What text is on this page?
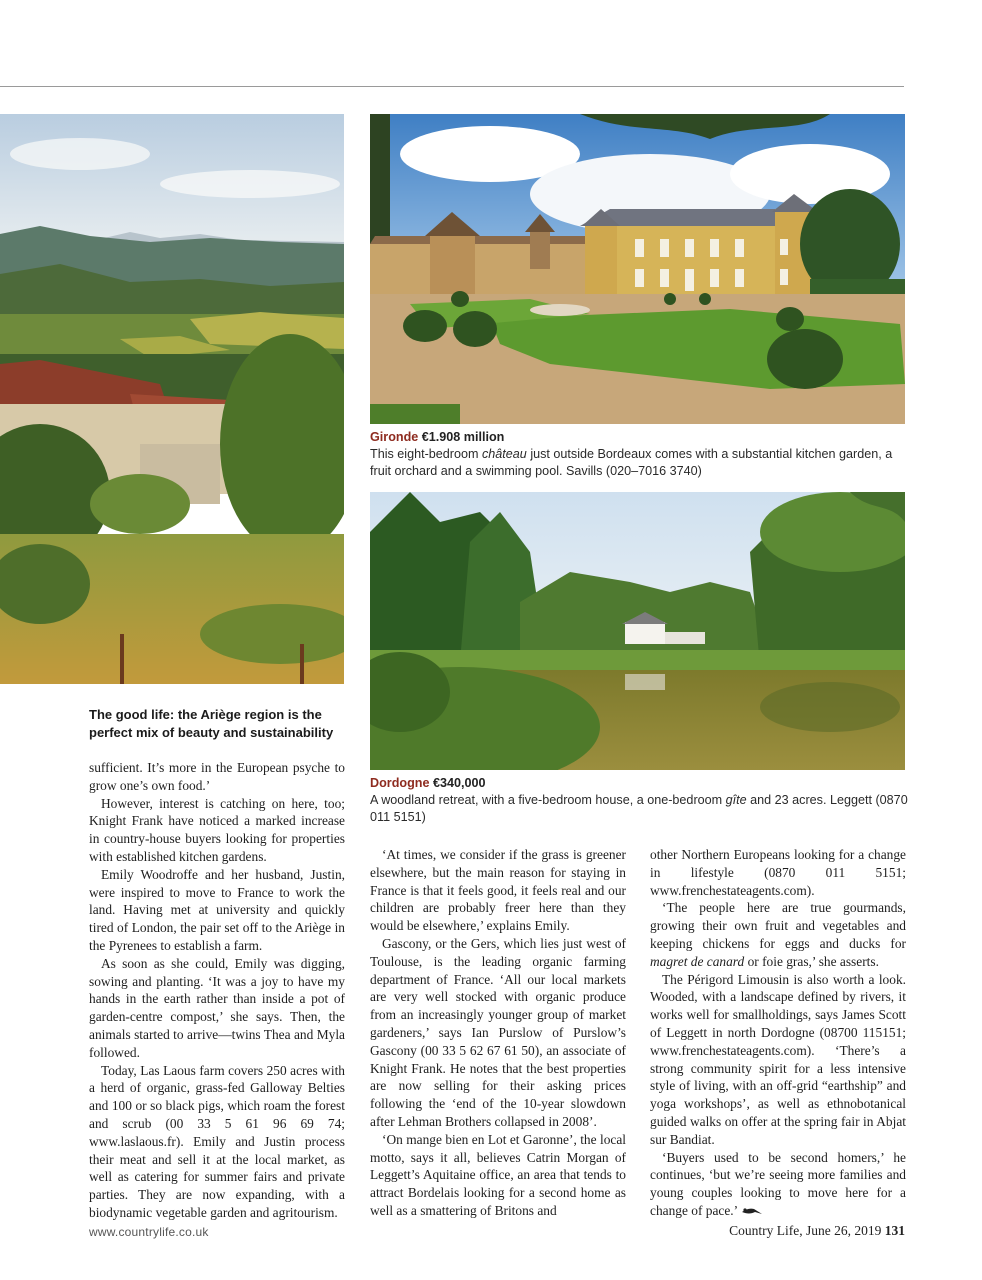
Gironde €1.908 million
This eight-bedroom château just outside Bordeaux comes with a substantial kitchen garden, a fruit orchard and a swimming pool. Savills (020–7016 3740)
Dordogne €340,000
A woodland retreat, with a five-bedroom house, a one-bedroom gîte and 23 acres. Leggett (0870 011 5151)
The good life: the Ariège region is the perfect mix of beauty and sustainability

sufficient. It’s more in the European psyche to grow one’s own food.’

However, interest is catching on here, too; Knight Frank have noticed a marked increase in country-house buyers looking for properties with established kitchen gardens.

Emily Woodroffe and her husband, Justin, were inspired to move to France to work the land. Having met at university and quickly tired of London, the pair set off to the Ariège in the Pyrenees to establish a farm.

As soon as she could, Emily was digging, sowing and planting. ‘It was a joy to have my hands in the earth rather than inside a pot of garden-centre compost,’ she says. Then, the animals started to arrive—twins Thea and Myla followed.

Today, Las Laous farm covers 250 acres with a herd of organic, grass-fed Galloway Belties and 100 or so black pigs, which roam the forest and scrub (00 33 5 61 96 69 74; www.laslaous.fr). Emily and Justin process their meat and sell it at the local market, as well as catering for summer fairs and private parties. They are now expanding, with a biodynamic vegetable garden and agritourism.

‘At times, we consider if the grass is greener elsewhere, but the main reason for staying in France is that it feels good, it feels real and our children are probably freer here than they would be elsewhere,’ explains Emily.

Gascony, or the Gers, which lies just west of Toulouse, is the leading organic farming department of France. ‘All our local markets are very well stocked with organic produce from an increasingly younger group of market gardeners,’ says Ian Purslow of Purslow’s Gascony (00 33 5 62 67 61 50), an associate of Knight Frank. He notes that the best properties are now selling for their asking prices following the ‘end of the 10-year slowdown after Lehman Brothers collapsed in 2008’.

‘On mange bien en Lot et Garonne’, the local motto, says it all, believes Catrin Morgan of Leggett’s Aquitaine office, an area that tends to attract Bordelais looking for a second home as well as a smattering of Britons and

other Northern Europeans looking for a change in lifestyle (0870 011 5151; www.frenchestateagents.com).

‘The people here are true gourmands, growing their own fruit and vegetables and keeping chickens for eggs and ducks for magret de canard or foie gras,’ she asserts.

The Périgord Limousin is also worth a look. Wooded, with a landscape defined by rivers, it works well for smallholdings, says James Scott of Leggett in north Dordogne (08700 115151; www.frenchestateagents.com). ‘There’s a strong community spirit for a less intensive style of living, with an off-grid “earthship” and yoga workshops’, as well as ethnobotanical guided walks on offer at the spring fair in Abjat sur Bandiat.

‘Buyers used to be second homers,’ he continues, ‘but we’re seeing more families and young couples looking to move here for a change of pace.’

www.countrylife.co.uk	Country Life, June 26, 2019 131
